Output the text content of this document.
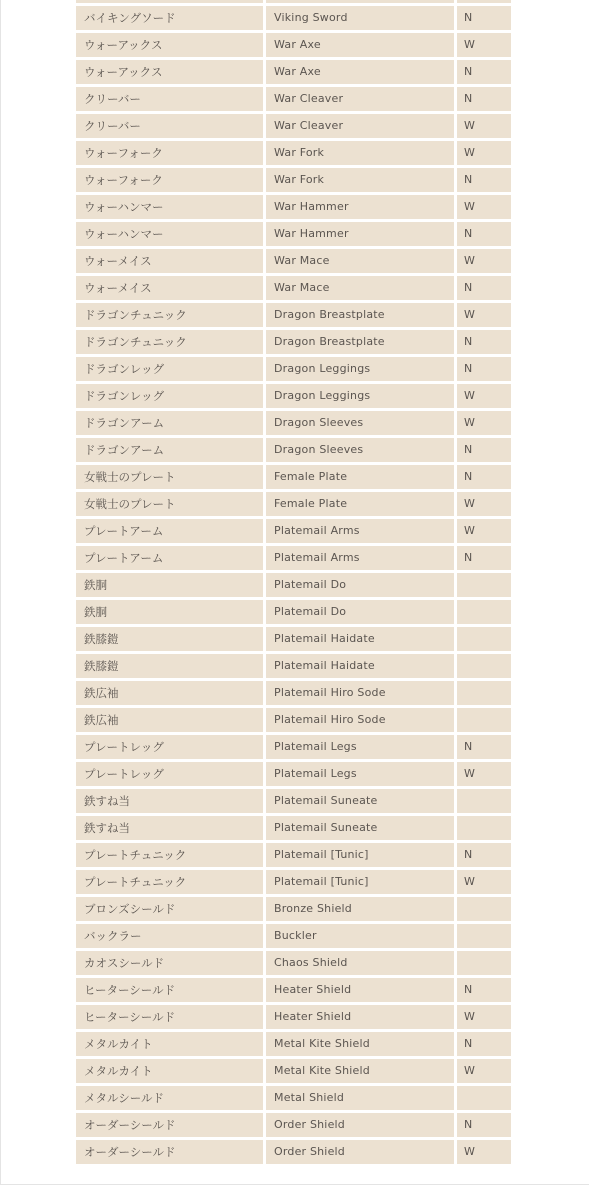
バイキングソード	Viking Sword	N
ウォーアックス	War Axe	W
ウォーアックス	War Axe	N
クリーバー	War Cleaver	N
クリーバー	War Cleaver	W
ウォーフォーク	War Fork	W
ウォーフォーク	War Fork	N
ウォーハンマー	War Hammer	W
ウォーハンマー	War Hammer	N
ウォーメイス	War Mace	W
ウォーメイス	War Mace	N
ドラゴンチュニック	Dragon Breastplate	W
ドラゴンチュニック	Dragon Breastplate	N
ドラゴンレッグ	Dragon Leggings	N
ドラゴンレッグ	Dragon Leggings	W
ドラゴンアーム	Dragon Sleeves	W
ドラゴンアーム	Dragon Sleeves	N
女戦士のプレート	Female Plate	N
女戦士のプレート	Female Plate	W
プレートアーム	Platemail Arms	W
プレートアーム	Platemail Arms	N
鉄胴	Platemail Do
鉄胴	Platemail Do
鉄膝鎧	Platemail Haidate
鉄膝鎧	Platemail Haidate
鉄広袖	Platemail Hiro Sode
鉄広袖	Platemail Hiro Sode
プレートレッグ	Platemail Legs	N
プレートレッグ	Platemail Legs	W
鉄すね当	Platemail Suneate
鉄すね当	Platemail Suneate
プレートチュニック	Platemail [Tunic]	N
プレートチュニック	Platemail [Tunic]	W
ブロンズシールド	Bronze Shield
バックラー	Buckler
カオスシールド	Chaos Shield
ヒーターシールド	Heater Shield	N
ヒーターシールド	Heater Shield	W
メタルカイト	Metal Kite Shield	N
メタルカイト	Metal Kite Shield	W
メタルシールド	Metal Shield
オーダーシールド	Order Shield	N
オーダーシールド	Order Shield	W
